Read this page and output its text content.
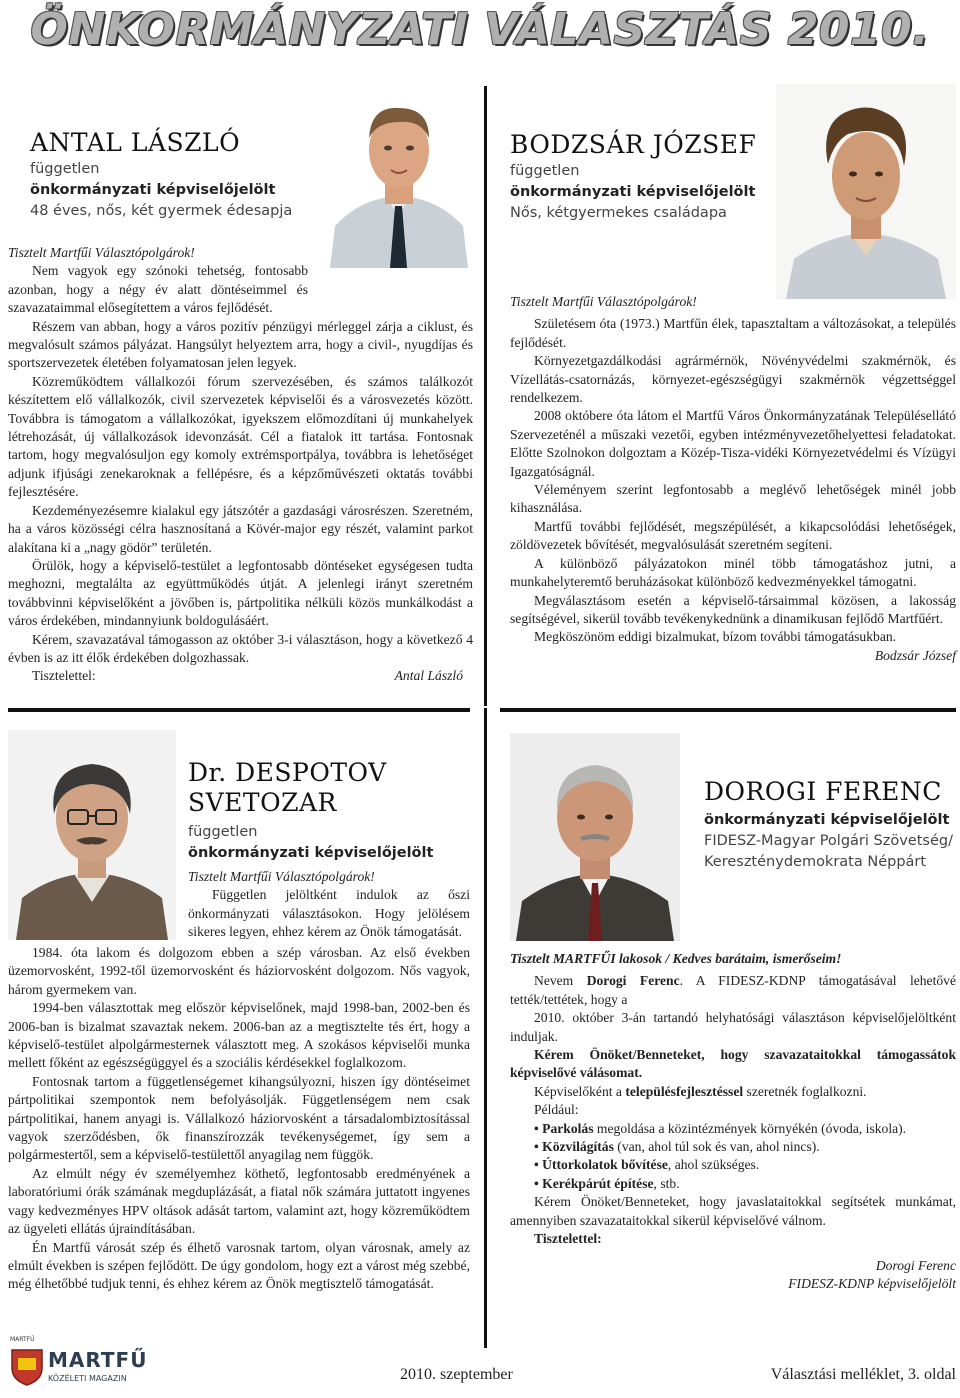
ÖNKORMÁNYZATI VÁLASZTÁS 2010.
ANTAL LÁSZLÓ
független
önkormányzati képviselőjelölt
48 éves, nős, két gyermek édesapja

Tisztelt Martfűi Választópolgárok!

Nem vagyok egy szónoki tehetség, fontosabb azonban, hogy a négy év alatt döntéseimmel és szavazataimmal elősegítettem a város fejlődését.

Részem van abban, hogy a város pozitív pénzügyi mérleggel zárja a ciklust, és megvalósult számos pályázat. Hangsúlyt helyeztem arra, hogy a civil-, nyugdíjas és sportszervezetek életében folyamatosan jelen legyek.

Közreműködtem vállalkozói fórum szervezésében, és számos találkozót készítettem elő vállalkozók, civil szervezetek képviselői és a városvezetés között. Továbbra is támogatom a vállalkozókat, igyekszem előmozdítani új munkahelyek létrehozását, új vállalkozások idevonzását. Cél a fiatalok itt tartása. Fontosnak tartom, hogy megvalósuljon egy komoly extrémsportpálya, továbbra is lehetőséget adjunk ifjúsági zenekaroknak a fellépésre, és a képzőművészeti oktatás további fejlesztésére.

Kezdeményezésemre kialakul egy játszótér a gazdasági városrészen. Szeretném, ha a város közösségi célra hasznosítaná a Kövér-major egy részét, valamint parkot alakítana ki a „nagy gödör” területén.

Örülök, hogy a képviselő-testület a legfontosabb döntéseket egységesen tudta meghozni, megtalálta az együttműködés útját. A jelenlegi irányt szeretném továbbvinni képviselőként a jövőben is, pártpolitika nélküli közös munkálkodást a város érdekében, mindannyiunk boldogulásáért.

Kérem, szavazatával támogasson az október 3-i választáson, hogy a következő 4 évben is az itt élők érdekében dolgozhassak.

Tisztelettel:	Antal László
BODZSÁR JÓZSEF
független
önkormányzati képviselőjelölt
Nős, kétgyermekes családapa

Tisztelt Martfűi Választópolgárok!

Születésem óta (1973.) Martfűn élek, tapasztaltam a változásokat, a település fejlődését.

Környezetgazdálkodási agrármérnök, Növényvédelmi szakmérnök, és Vízellátás-csatornázás, környezet-egészségügyi szakmérnök végzettséggel rendelkezem.

2008 októbere óta látom el Martfű Város Önkormányzatának Településellátó Szervezeténél a műszaki vezetői, egyben intézményvezetőhelyettesi feladatokat. Előtte Szolnokon dolgoztam a Közép-Tisza-vidéki Környezetvédelmi és Vízügyi Igazgatóságnál.

Véleményem szerint legfontosabb a meglévő lehetőségek minél jobb kihasználása.

Martfű további fejlődését, megszépülését, a kikapcsolódási lehetőségek, zöldövezetek bővítését, megvalósulását szeretném segíteni.

A különböző pályázatokon minél több támogatáshoz jutni, a munkahelyteremtő beruházásokat különböző kedvezményekkel támogatni.

Megválasztásom esetén a képviselő-társaimmal közösen, a lakosság segítségével, sikerül tovább tevékenykednünk a dinamikusan fejlődő Martfűért.

Megköszönöm eddigi bizalmukat, bízom további támogatásukban.

Bodzsár József
Dr. DESPOTOV
SVETOZAR
független
önkormányzati képviselőjelölt

Tisztelt Martfűi Választópolgárok!

Független jelöltként indulok az őszi önkormányzati választásokon. Hogy jelölésem sikeres legyen, ehhez kérem az Önök támogatását.

1984. óta lakom és dolgozom ebben a szép városban. Az első években üzemorvosként, 1992-től üzemorvosként és háziorvosként dolgozom. Nős vagyok, három gyermekem van.

1994-ben választottak meg először képviselőnek, majd 1998-ban, 2002-ben és 2006-ban is bizalmat szavaztak nekem. 2006-ban az a megtisztelte tés ért, hogy a képviselő-testület alpolgármesternek választott meg. A szokásos képviselői munka mellett főként az egészségüggyel és a szociális kérdésekkel foglalkozom.

Fontosnak tartom a függetlenségemet kihangsúlyozni, hiszen így döntéseimet pártpolitikai szempontok nem befolyásolják. Függetlenségem nem csak pártpolitikai, hanem anyagi is. Vállalkozó háziorvosként a társadalombiztosítással vagyok szerződésben, ők finanszírozzák tevékenységemet, így sem a polgármestertől, sem a képviselő-testülettől anyagilag nem függök.

Az elmúlt négy év személyemhez köthető, legfontosabb eredményének a laboratóriumi órák számának megduplázását, a fiatal nők számára juttatott ingyenes vagy kedvezményes HPV oltások adását tartom, valamint azt, hogy közreműködtem az ügyeleti ellátás újraindításában.

Én Martfű városát szép és élhető varosnak tartom, olyan városnak, amely az elmúlt években is szépen fejlődött. De úgy gondolom, hogy ezt a várost még szebbé, még élhetőbbé tudjuk tenni, és ehhez kérem az Önök megtisztelő támogatását.

DOROGI FERENC
önkormányzati képviselőjelölt
FIDESZ-Magyar Polgári Szövetség/
Kereszténydemokrata Néppárt

Tisztelt MARTFŰI lakosok / Kedves barátaim, ismerőseim!

Nevem Dorogi Ferenc. A FIDESZ-KDNP támogatásával lehetővé tették/tettétek, hogy a

2010. október 3-án tartandó helyhatósági választáson képviselőjelöltként induljak.

Kérem Önöket/Benneteket, hogy szavazataitokkal támogassátok képviselővé válásomat.

Képviselőként a településfejlesztéssel szeretnék foglalkozni.

Például:

• Parkolás megoldása a közintézmények környékén (óvoda, iskola).

• Közvilágítás (van, ahol túl sok és van, ahol nincs).

• Úttorkolatok bővítése, ahol szükséges.

• Kerékpárút építése, stb.

Kérem Önöket/Benneteket, hogy javaslataitokkal segítsétek munkámat, amennyiben szavazataitokkal sikerül képviselővé válnom.

Tisztelettel:

Dorogi Ferenc
FIDESZ-KDNP képviselőjelölt
MARTFŰ
MARTFŰ
KÖZÉLETI MAGAZIN	2010. szeptember	Választási melléklet, 3. oldal
